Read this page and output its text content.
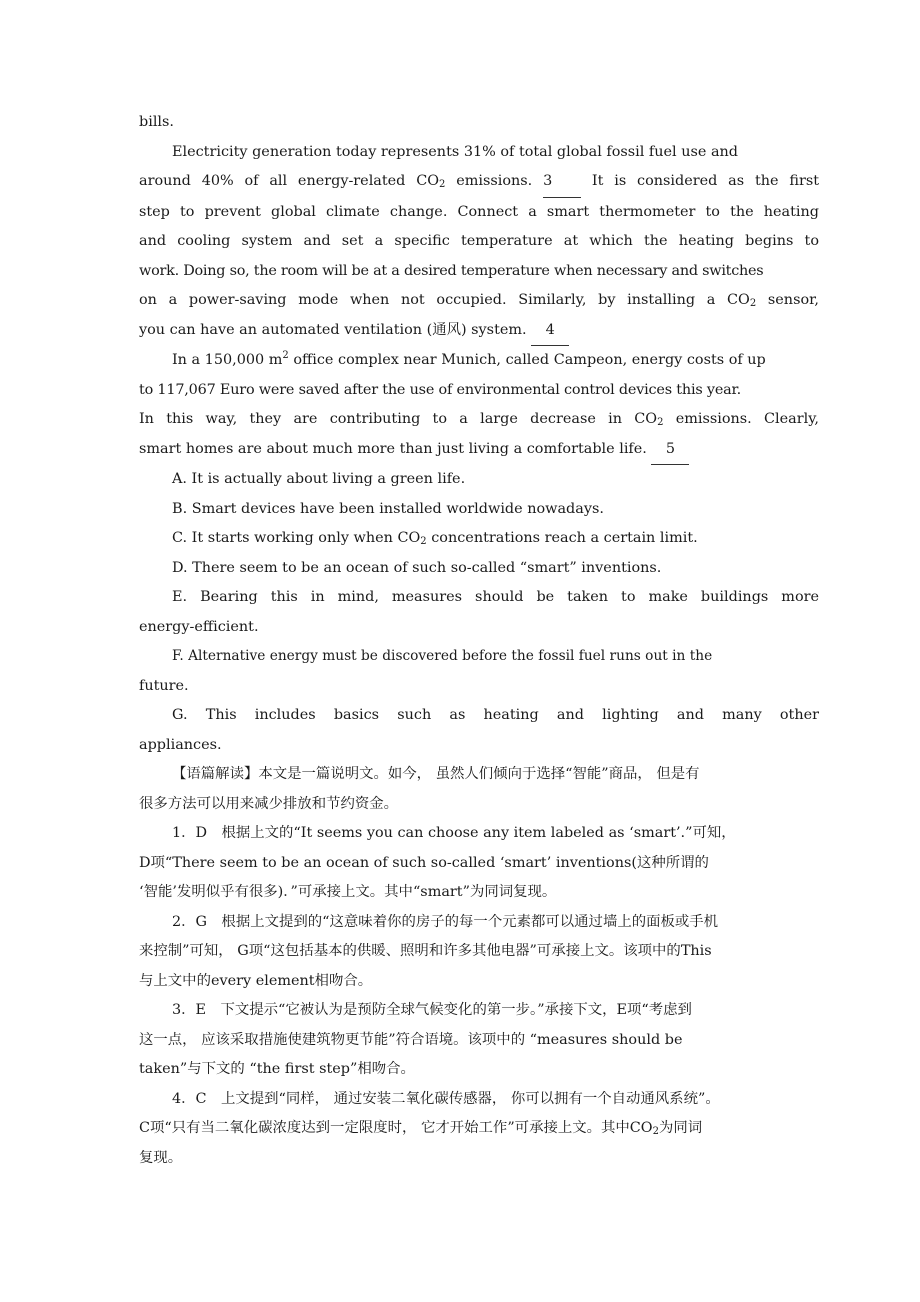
bills.
Electricity generation today represents 31% of total global fossil fuel use and
around 40% of all energy-related $CO_2$ emissions. 3	It is considered as the first
step to prevent global climate change. Connect a smart thermometer to the heating
and cooling system and set a specific temperature at which the heating begins to
work. Doing so, the room will be at a desired temperature when necessary and switches
on a power-saving mode when not occupied. Similarly, by installing a $CO_2$ sensor,
you can have an automated ventilation (通风) system. 4
In a 150,000 $m^2$ office complex near Munich, called Campeon, energy costs of up
to 117,067 Euro were saved after the use of environmental control devices this year.
In this way, they are contributing to a large decrease in $CO_2$ emissions. Clearly,
smart homes are about much more than just living a comfortable life. 5
A. It is actually about living a green life.
B. Smart devices have been installed worldwide nowadays.
C. It starts working only when $CO_2$ concentrations reach a certain limit.
D. There seem to be an ocean of such so-called “smart” inventions.
E. Bearing this in mind, measures should be taken to make buildings more
energy-efficient.
F. Alternative energy must be discovered before the fossil fuel runs out in the
future.
G. This includes basics such as heating and lighting and many other
appliances.
【语篇解读】本文是一篇说明文。如今， 虽然人们倾向于选择“智能”商品， 但是有
很多方法可以用来减少排放和节约资金。
1．D　根据上文的“It seems you can choose any item labeled as ‘smart’.”可知，
D项“There seem to be an ocean of such so-called ‘smart’ inventions(这种所谓的
‘智能’发明似乎有很多)．”可承接上文。其中“smart”为同词复现。
2．G　根据上文提到的“这意味着你的房子的每一个元素都可以通过墙上的面板或手机
来控制”可知， G项“这包括基本的供暖、照明和许多其他电器”可承接上文。该项中的This
与上文中的every element相吻合。
3．E　下文提示“它被认为是预防全球气候变化的第一步。”承接下文，E项“考虑到
这一点， 应该采取措施使建筑物更节能”符合语境。该项中的 “measures should be
taken”与下文的 “the first step”相吻合。
4．C　上文提到“同样， 通过安装二氧化碳传感器， 你可以拥有一个自动通风系统”。
C项“只有当二氧化碳浓度达到一定限度时， 它才开始工作”可承接上文。其中$CO_2$为同词
复现。
